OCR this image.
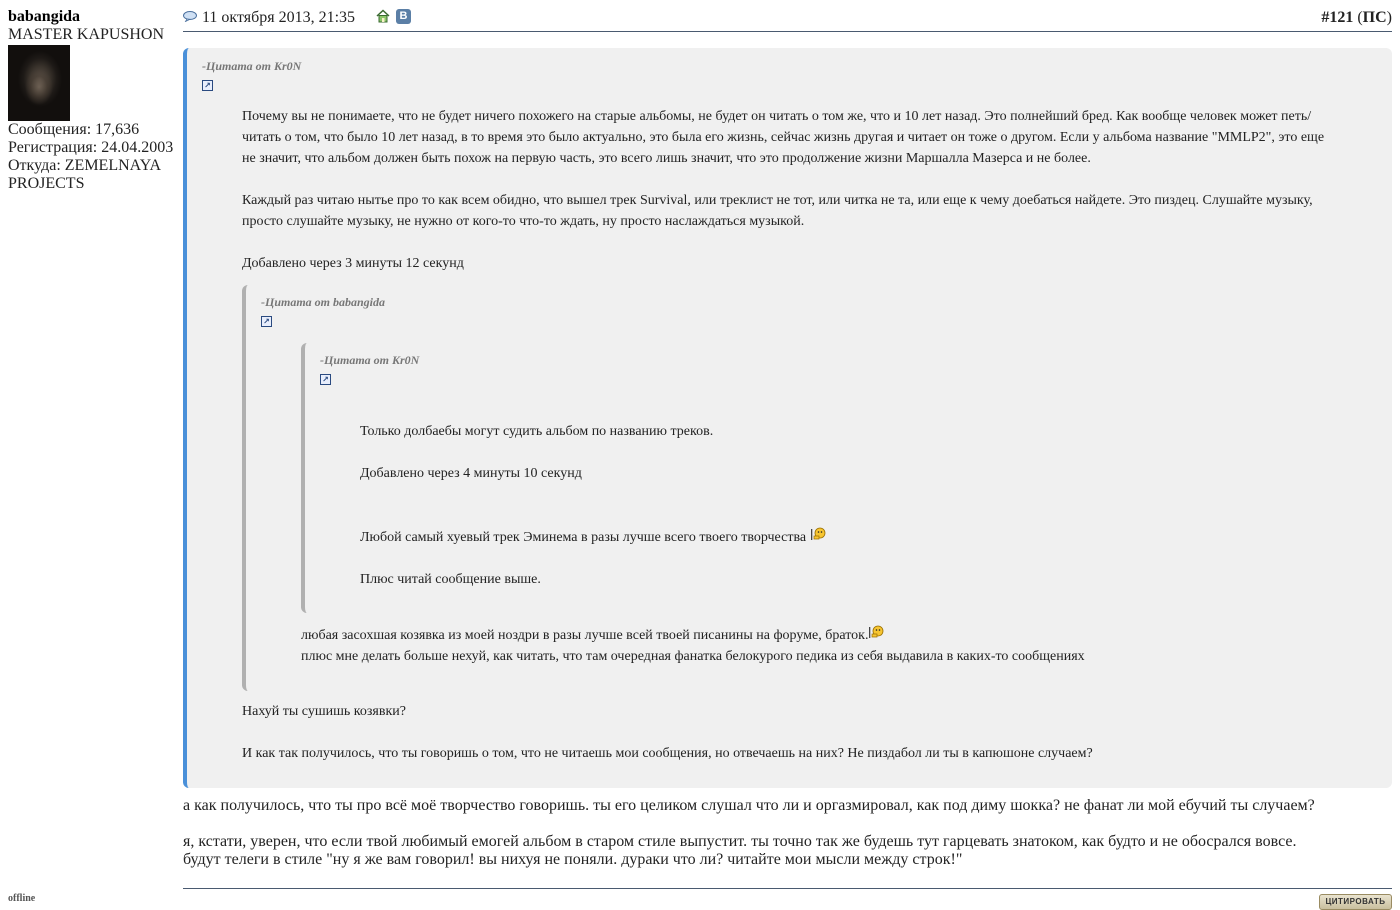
babangida
MASTER KAPUSHON
Сообщения: 17,636
Регистрация: 24.04.2003
Откуда: ZEMELNAYA
PROJECTS
offline
11 октября 2013, 21:35	В	#121 (ПС)
-Цитата от Kr0N
↗
Почему вы не понимаете, что не будет ничего похожего на старые альбомы, не будет он читать о том же, что и 10 лет назад. Это полнейший бред. Как вообще человек может петь/читать о том, что было 10 лет назад, в то время это было актуально, это была его жизнь, сейчас жизнь другая и читает он тоже о другом. Если у альбома название "MMLP2", это еще не значит, что альбом должен быть похож на первую часть, это всего лишь значит, что это продолжение жизни Маршалла Мазерса и не более.
Каждый раз читаю нытье про то как всем обидно, что вышел трек Survival, или треклист не тот, или читка не та, или еще к чему доебаться найдете. Это пиздец. Слушайте музыку, просто слушайте музыку, не нужно от кого-то что-то ждать, ну просто наслаждаться музыкой.
Добавлено через 3 минуты 12 секунд
-Цитата от babangida
↗
-Цитата от Kr0N
↗
Только долбаебы могут судить альбом по названию треков.
Добавлено через 4 минуты 10 секунд
Любой самый хуевый трек Эминема в разы лучше всего твоего творчества
Плюс читай сообщение выше.
любая засохшая козявка из моей ноздри в разы лучше всей твоей писанины на форуме, браток.
плюс мне делать больше нехуй, как читать, что там очередная фанатка белокурого педика из себя выдавила в каких-то сообщениях
Нахуй ты сушишь козявки?
И как так получилось, что ты говоришь о том, что не читаешь мои сообщения, но отвечаешь на них? Не пиздабол ли ты в капюшоне случаем?
а как получилось, что ты про всё моё творчество говоришь. ты его целиком слушал что ли и оргазмировал, как под диму шокка? не фанат ли мой ебучий ты случаем?
я, кстати, уверен, что если твой любимый емогей альбом в старом стиле выпустит. ты точно так же будешь тут гарцевать знатоком, как будто и не обосрался вовсе.
будут телеги в стиле "ну я же вам говорил! вы нихуя не поняли. дураки что ли? читайте мои мысли между строк!"
ЦИТИРОВАТЬ
